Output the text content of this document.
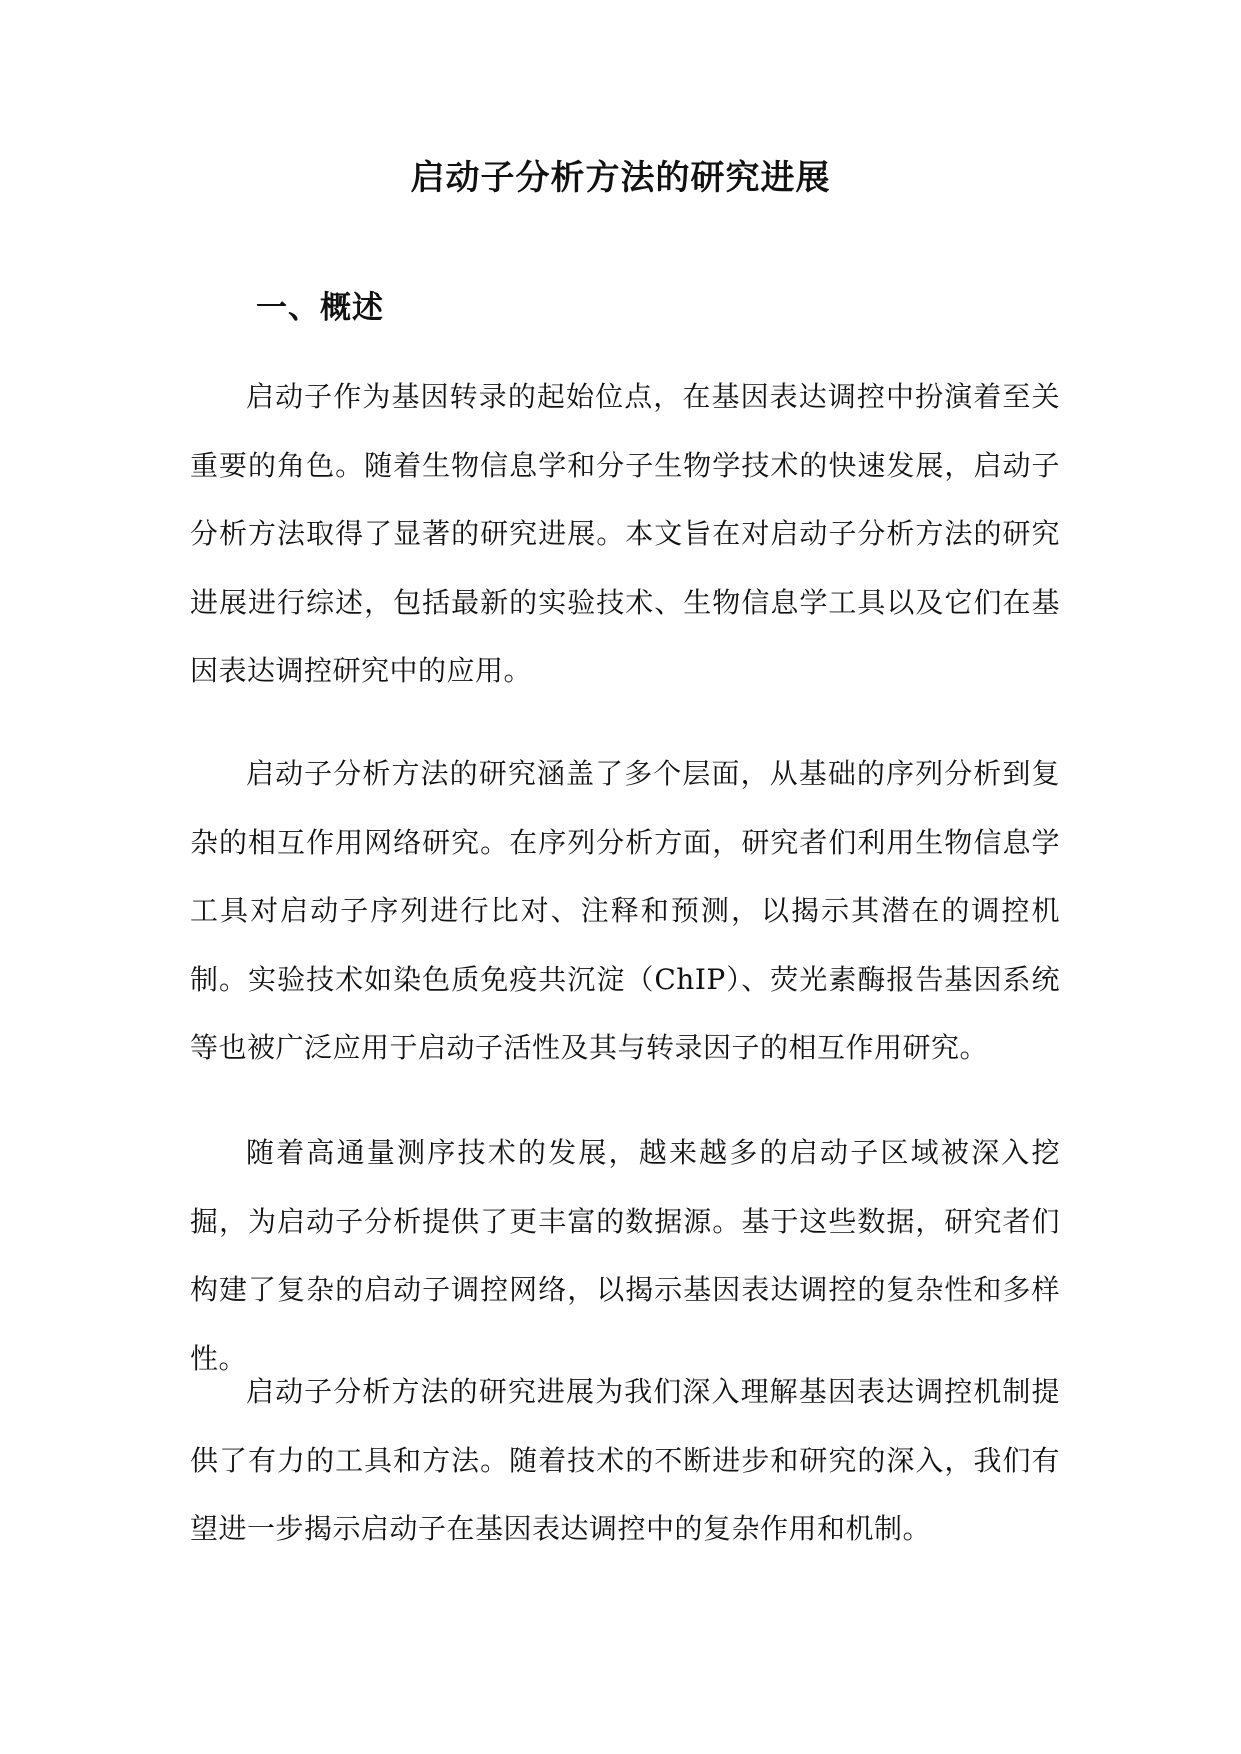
启动子分析方法的研究进展
一、概述

启动子作为基因转录的起始位点，在基因表达调控中扮演着至关重要的角色。随着生物信息学和分子生物学技术的快速发展，启动子分析方法取得了显著的研究进展。本文旨在对启动子分析方法的研究进展进行综述，包括最新的实验技术、生物信息学工具以及它们在基因表达调控研究中的应用。

启动子分析方法的研究涵盖了多个层面，从基础的序列分析到复杂的相互作用网络研究。在序列分析方面，研究者们利用生物信息学工具对启动子序列进行比对、注释和预测，以揭示其潜在的调控机制。实验技术如染色质免疫共沉淀（ChIP）、荧光素酶报告基因系统等也被广泛应用于启动子活性及其与转录因子的相互作用研究。

随着高通量测序技术的发展，越来越多的启动子区域被深入挖掘，为启动子分析提供了更丰富的数据源。基于这些数据，研究者们构建了复杂的启动子调控网络，以揭示基因表达调控的复杂性和多样性。

启动子分析方法的研究进展为我们深入理解基因表达调控机制提供了有力的工具和方法。随着技术的不断进步和研究的深入，我们有望进一步揭示启动子在基因表达调控中的复杂作用和机制。
